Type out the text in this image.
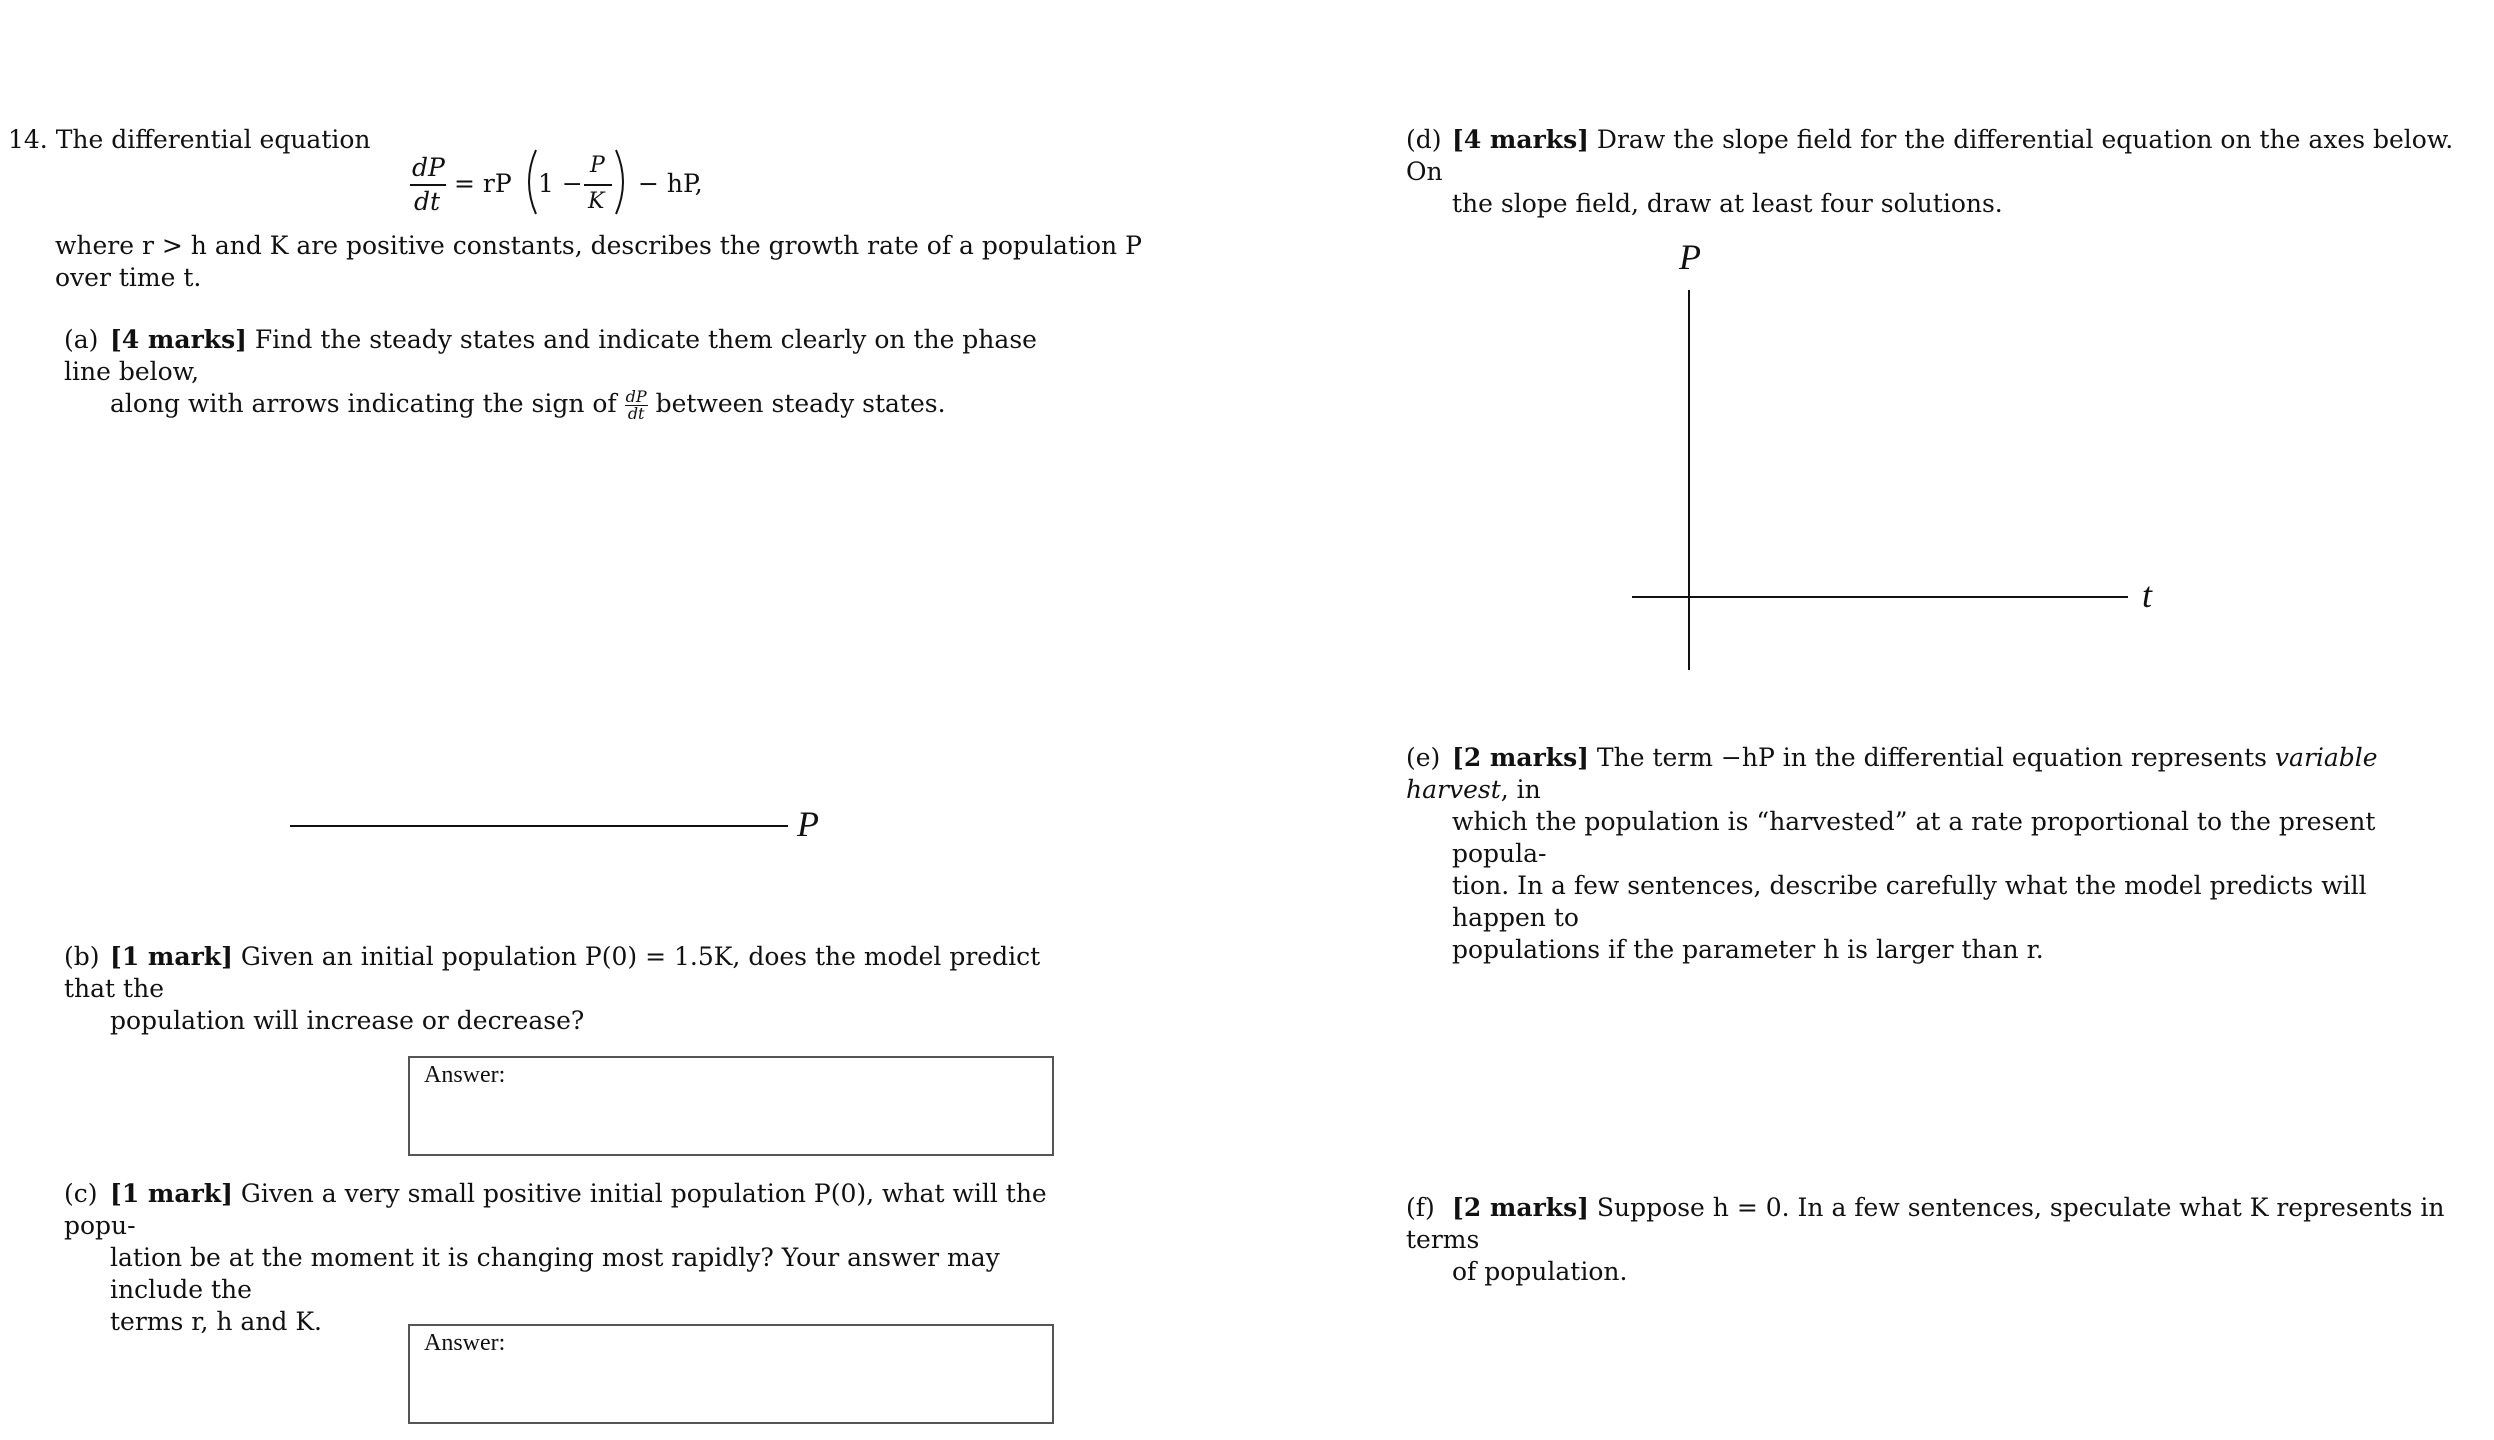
14. The differential equation
dP
dt
= rP 1 −
P
K
− hP,
where r > h and K are positive constants, describes the growth rate of a population P
over time t.
(a) [4 marks] Find the steady states and indicate them clearly on the phase line below,
along with arrows indicating the sign of $\frac{dP}{dt}$ between steady states.
P
(b) [1 mark] Given an initial population P(0) = 1.5K, does the model predict that the
population will increase or decrease?
Answer:
(c) [1 mark] Given a very small positive initial population P(0), what will the popu-
lation be at the moment it is changing most rapidly? Your answer may include the
terms r, h and K.
Answer:
(d) [4 marks] Draw the slope field for the differential equation on the axes below. On
the slope field, draw at least four solutions.
P
t
(e) [2 marks] The term −hP in the differential equation represents variable harvest, in
which the population is “harvested” at a rate proportional to the present popula-
tion. In a few sentences, describe carefully what the model predicts will happen to
populations if the parameter h is larger than r.
(f) [2 marks] Suppose h = 0. In a few sentences, speculate what K represents in terms
of population.
